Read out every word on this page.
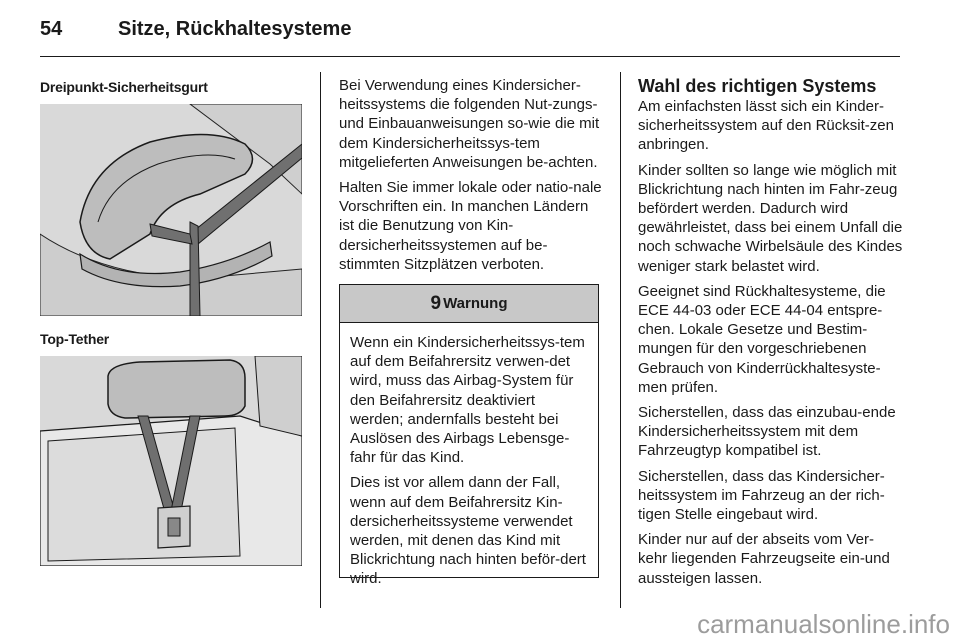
54	Sitze, Rückhaltesysteme
Dreipunkt-Sicherheitsgurt
Top-Tether

Bei Verwendung eines Kindersicher-heitssystems die folgenden Nut-zungs- und Einbauanweisungen so-wie die mit dem Kindersicherheitssys-tem mitgelieferten Anweisungen be-achten.

Halten Sie immer lokale oder natio-nale Vorschriften ein. In manchen Ländern ist die Benutzung von Kin-dersicherheitssystemen auf be-stimmten Sitzplätzen verboten.

9 Warnung

Wenn ein Kindersicherheitssys-tem auf dem Beifahrersitz verwen-det wird, muss das Airbag-System für den Beifahrersitz deaktiviert werden; andernfalls besteht bei Auslösen des Airbags Lebensge-fahr für das Kind.

Dies ist vor allem dann der Fall, wenn auf dem Beifahrersitz Kin-dersicherheitssysteme verwendet werden, mit denen das Kind mit Blickrichtung nach hinten beför-dert wird.

Wahl des richtigen Systems

Am einfachsten lässt sich ein Kinder-sicherheitssystem auf den Rücksit-zen anbringen.

Kinder sollten so lange wie möglich mit Blickrichtung nach hinten im Fahr-zeug befördert werden. Dadurch wird gewährleistet, dass bei einem Unfall die noch schwache Wirbelsäule des Kindes weniger stark belastet wird.

Geeignet sind Rückhaltesysteme, die ECE 44-03 oder ECE 44-04 entspre-chen. Lokale Gesetze und Bestim-mungen für den vorgeschriebenen Gebrauch von Kinderrückhaltesyste-men prüfen.

Sicherstellen, dass das einzubau-ende Kindersicherheitssystem mit dem Fahrzeugtyp kompatibel ist.

Sicherstellen, dass das Kindersicher-heitssystem im Fahrzeug an der rich-tigen Stelle eingebaut wird.

Kinder nur auf der abseits vom Ver-kehr liegenden Fahrzeugseite ein-und aussteigen lassen.

carmanualsonline.info
